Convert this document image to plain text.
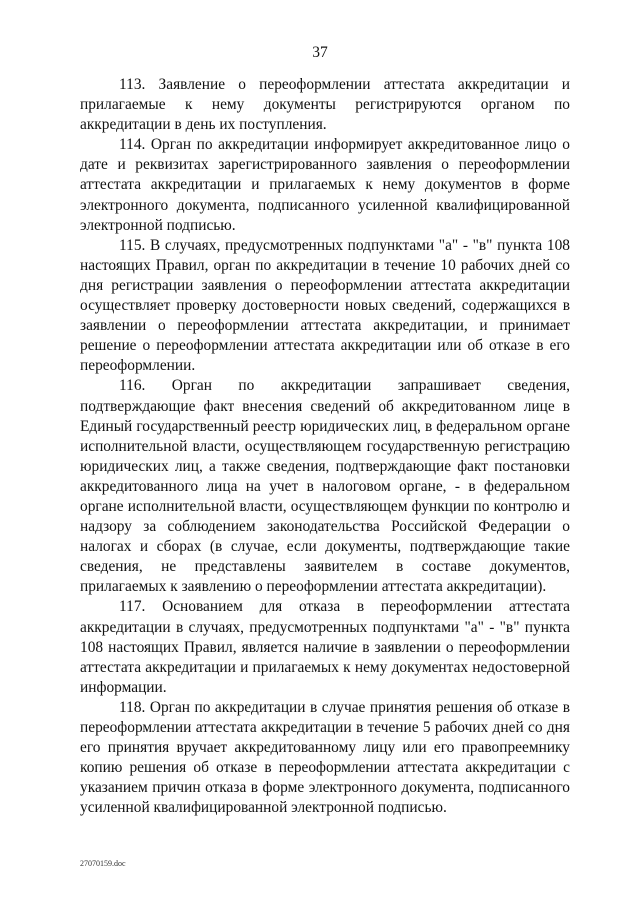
37

113. Заявление о переоформлении аттестата аккредитации и прилагаемые к нему документы регистрируются органом по аккредитации в день их поступления.

114. Орган по аккредитации информирует аккредитованное лицо о дате и реквизитах зарегистрированного заявления о переоформлении аттестата аккредитации и прилагаемых к нему документов в форме электронного документа, подписанного усиленной квалифицированной электронной подписью.

115. В случаях, предусмотренных подпунктами "а" - "в" пункта 108 настоящих Правил, орган по аккредитации в течение 10 рабочих дней со дня регистрации заявления о переоформлении аттестата аккредитации осуществляет проверку достоверности новых сведений, содержащихся в заявлении о переоформлении аттестата аккредитации, и принимает решение о переоформлении аттестата аккредитации или об отказе в его переоформлении.

116. Орган по аккредитации запрашивает сведения, подтверждающие факт внесения сведений об аккредитованном лице в Единый государственный реестр юридических лиц, в федеральном органе исполнительной власти, осуществляющем государственную регистрацию юридических лиц, а также сведения, подтверждающие факт постановки аккредитованного лица на учет в налоговом органе, - в федеральном органе исполнительной власти, осуществляющем функции по контролю и надзору за соблюдением законодательства Российской Федерации о налогах и сборах (в случае, если документы, подтверждающие такие сведения, не представлены заявителем в составе документов, прилагаемых к заявлению о переоформлении аттестата аккредитации).

117. Основанием для отказа в переоформлении аттестата аккредитации в случаях, предусмотренных подпунктами "а" - "в" пункта 108 настоящих Правил, является наличие в заявлении о переоформлении аттестата аккредитации и прилагаемых к нему документах недостоверной информации.

118. Орган по аккредитации в случае принятия решения об отказе в переоформлении аттестата аккредитации в течение 5 рабочих дней со дня его принятия вручает аккредитованному лицу или его правопреемнику копию решения об отказе в переоформлении аттестата аккредитации с указанием причин отказа в форме электронного документа, подписанного усиленной квалифицированной электронной подписью.

27070159.doc
